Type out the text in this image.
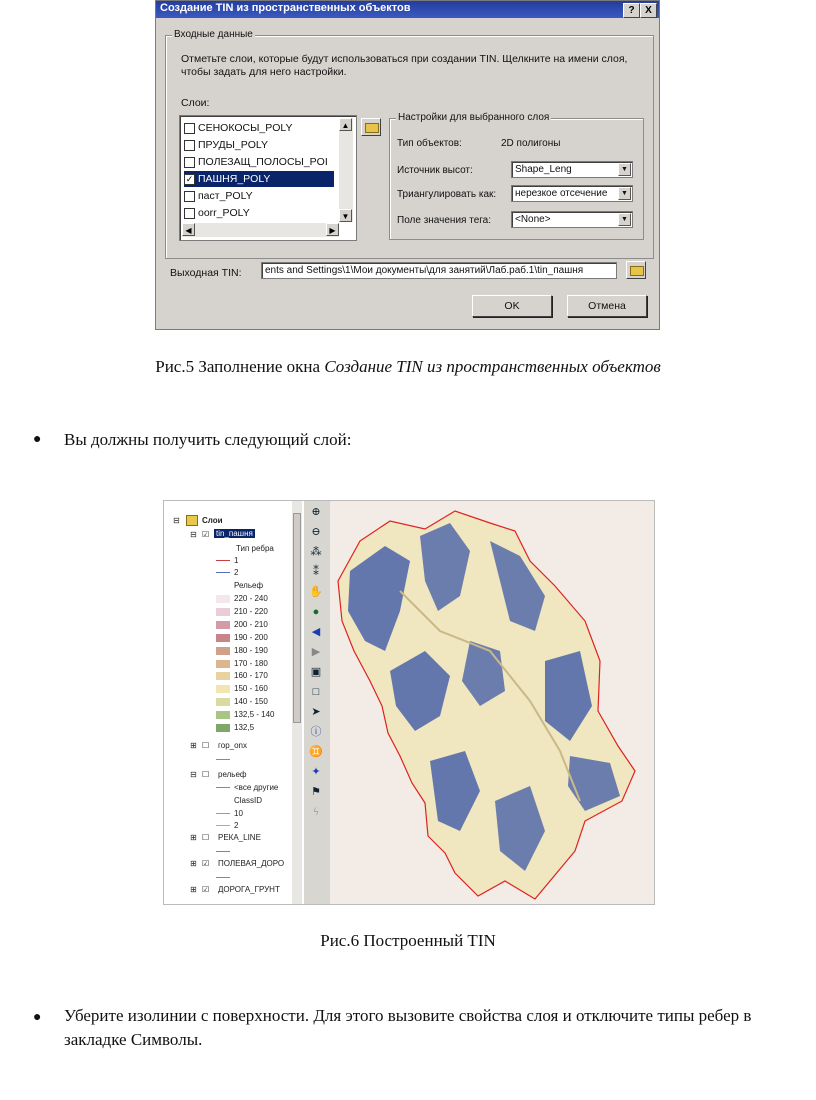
Создание TIN из пространственных объектов	?	X
Входные данные
Отметьте слои, которые будут использоваться при создании TIN. Щелкните на имени слоя, чтобы задать для него настройки.
Слои:
СЕНОКОСЫ_POLY
ПРУДЫ_POLY
ПОЛЕЗАЩ_ПОЛОСЫ_POI
✓ ПАШНЯ_POLY
паст_POLY
ооrr_POLY
▲
▼
◀	▶
Настройки для выбранного слоя
Тип объектов:	2D полигоны
Источник высот:	Shape_Leng	▼
Триангулировать как:	нерезкое отсечение	▼
Поле значения тега:	<None>	▼
Выходная TIN:	ents and Settings\1\Мои документы\для занятий\Лаб.раб.1\tin_пашня
OK	Отмена
Рис.5 Заполнение окна Создание TIN из пространственных объектов
● Вы должны получить следующий слой:
⊟	Слои
⊟ ☑ tin_пашня
Тип ребра
1
2
Рельеф
220 - 240
210 - 220
200 - 210
190 - 200
180 - 190
170 - 180
160 - 170
150 - 160
140 - 150
132,5 - 140
132,5
⊞ ☐ гор_onx
⊟ ☐ рельеф
<все другие
ClassID
10
2
⊞ ☐ РЕКА_LINE
⊞ ☑ ПОЛЕВАЯ_ДОРО
⊞ ☑ ДОРОГА_ГРУНТ
⊕
⊖
⁂
⁑
✋
●
◀
▶
▣
□
➤
ⓘ
♊
✦
⚑
ϟ
Рис.6 Построенный TIN
● Уберите изолинии с поверхности. Для этого вызовите свойства слоя и отключите типы ребер в закладке Символы.
